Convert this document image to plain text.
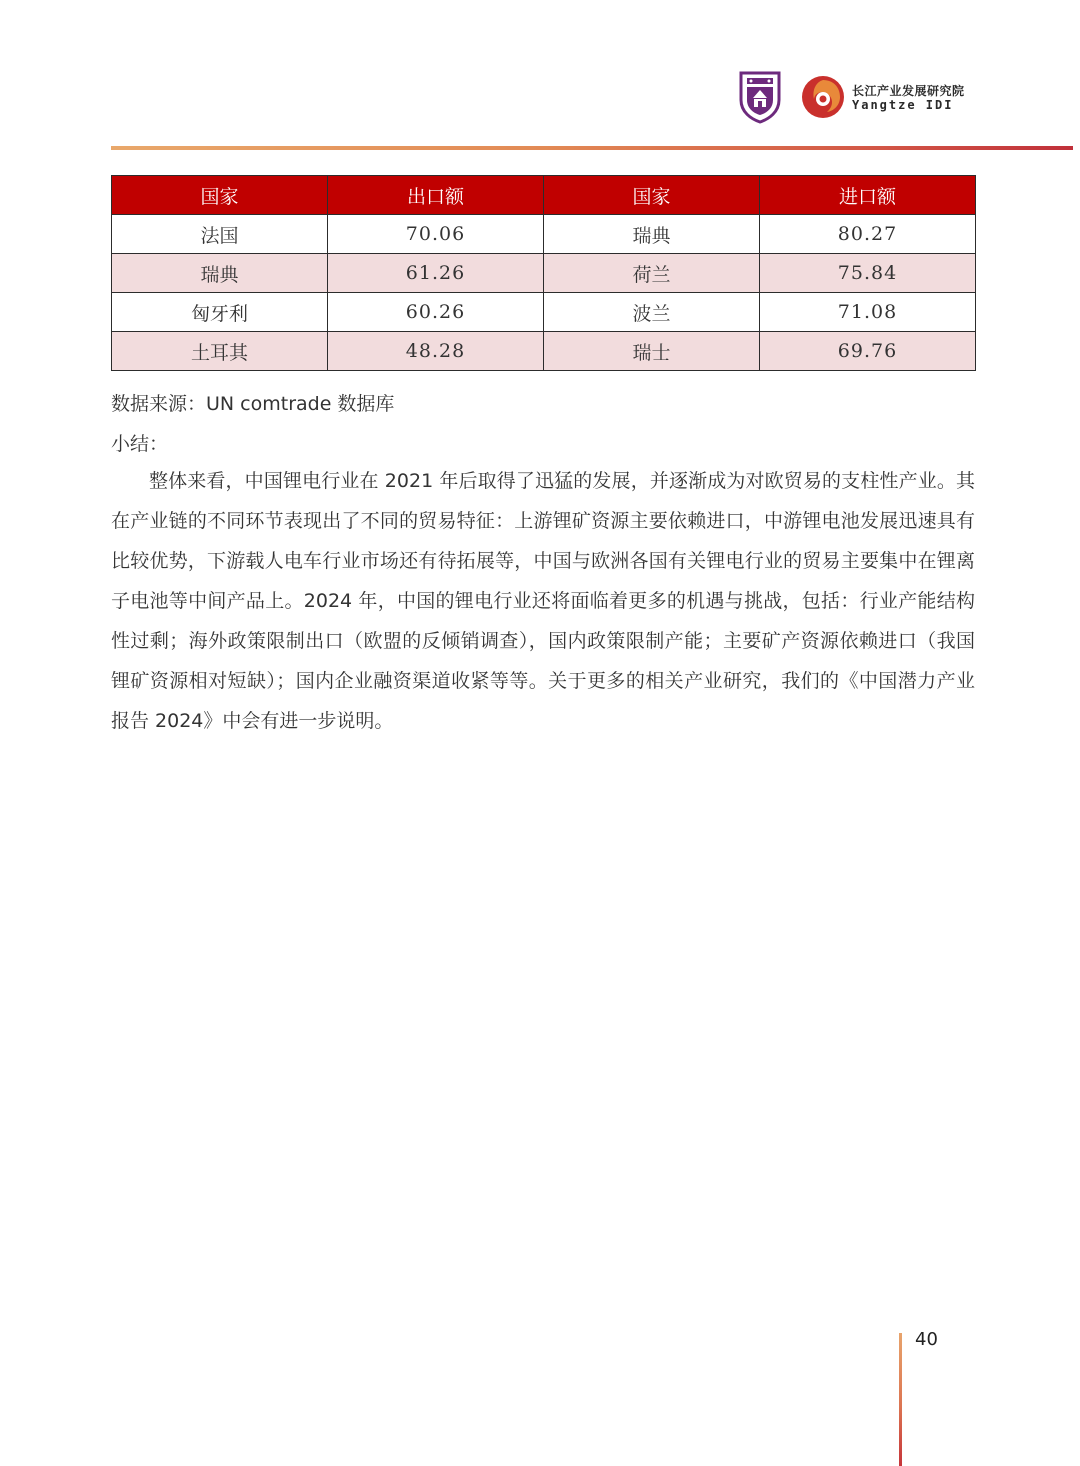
长江产业发展研究院
Yangtze IDI
国家	出口额	国家	进口额
法国	70.06	瑞典	80.27
瑞典	61.26	荷兰	75.84
匈牙利	60.26	波兰	71.08
土耳其	48.28	瑞士	69.76
数据来源：UN comtrade 数据库
小结：

整体来看，中国锂电行业在 2021 年后取得了迅猛的发展，并逐渐成为对欧贸易的支柱性产业。其在产业链的不同环节表现出了不同的贸易特征：上游锂矿资源主要依赖进口，中游锂电池发展迅速具有比较优势，下游载人电车行业市场还有待拓展等，中国与欧洲各国有关锂电行业的贸易主要集中在锂离子电池等中间产品上。2024 年，中国的锂电行业还将面临着更多的机遇与挑战，包括：行业产能结构性过剩；海外政策限制出口（欧盟的反倾销调查），国内政策限制产能；主要矿产资源依赖进口（我国锂矿资源相对短缺）；国内企业融资渠道收紧等等。关于更多的相关产业研究，我们的《中国潜力产业报告 2024》中会有进一步说明。

40
